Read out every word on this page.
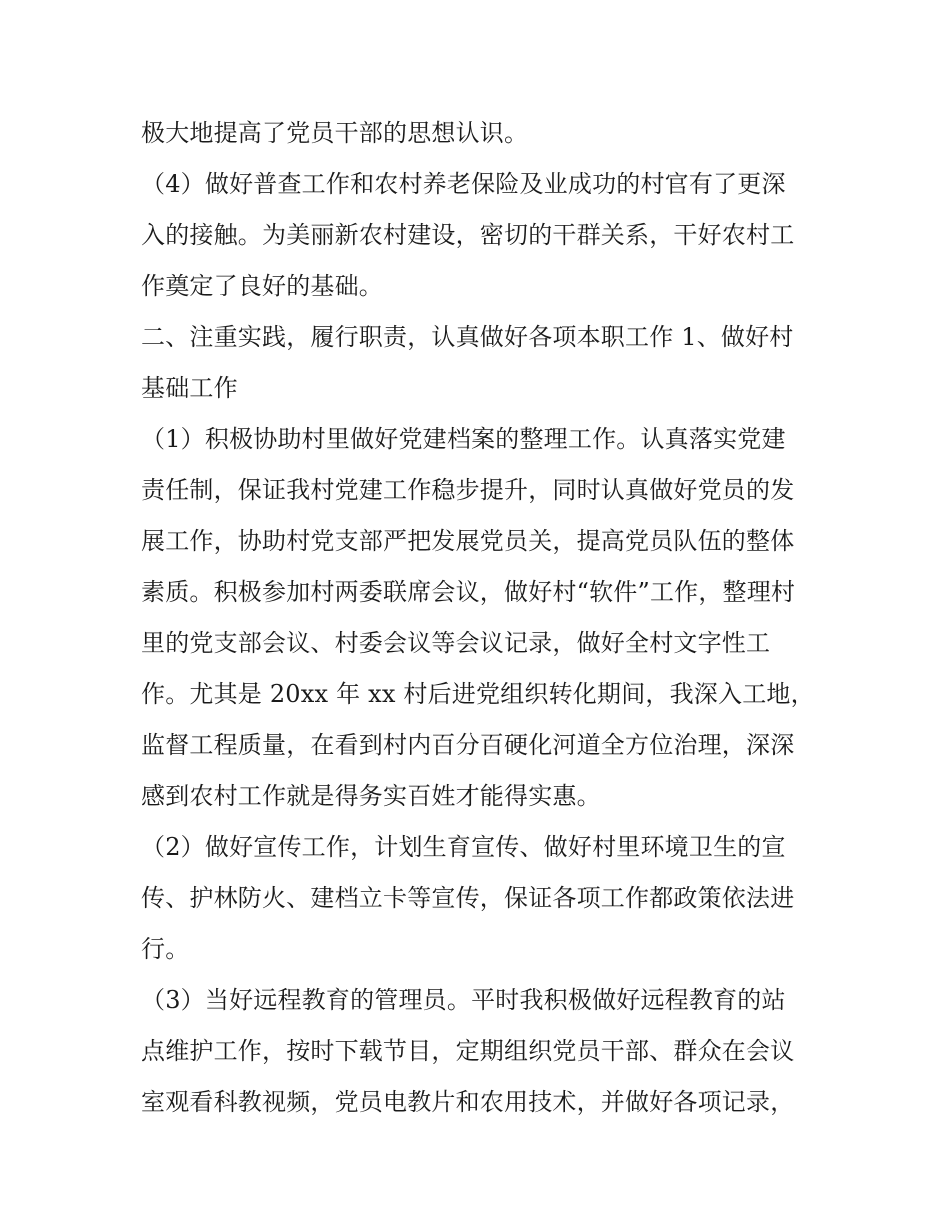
极大地提高了党员干部的思想认识。
（4）做好普查工作和农村养老保险及业成功的村官有了更深
入的接触。为美丽新农村建设，密切的干群关系，干好农村工
作奠定了良好的基础。
二、注重实践，履行职责，认真做好各项本职工作 1、做好村
基础工作
（1）积极协助村里做好党建档案的整理工作。认真落实党建
责任制，保证我村党建工作稳步提升，同时认真做好党员的发
展工作，协助村党支部严把发展党员关，提高党员队伍的整体
素质。积极参加村两委联席会议，做好村“软件”工作，整理村
里的党支部会议、村委会议等会议记录，做好全村文字性工
作。尤其是 20xx 年 xx 村后进党组织转化期间，我深入工地，
监督工程质量，在看到村内百分百硬化河道全方位治理，深深
感到农村工作就是得务实百姓才能得实惠。
（2）做好宣传工作，计划生育宣传、做好村里环境卫生的宣
传、护林防火、建档立卡等宣传，保证各项工作都政策依法进
行。
（3）当好远程教育的管理员。平时我积极做好远程教育的站
点维护工作，按时下载节目，定期组织党员干部、群众在会议
室观看科教视频，党员电教片和农用技术，并做好各项记录，
